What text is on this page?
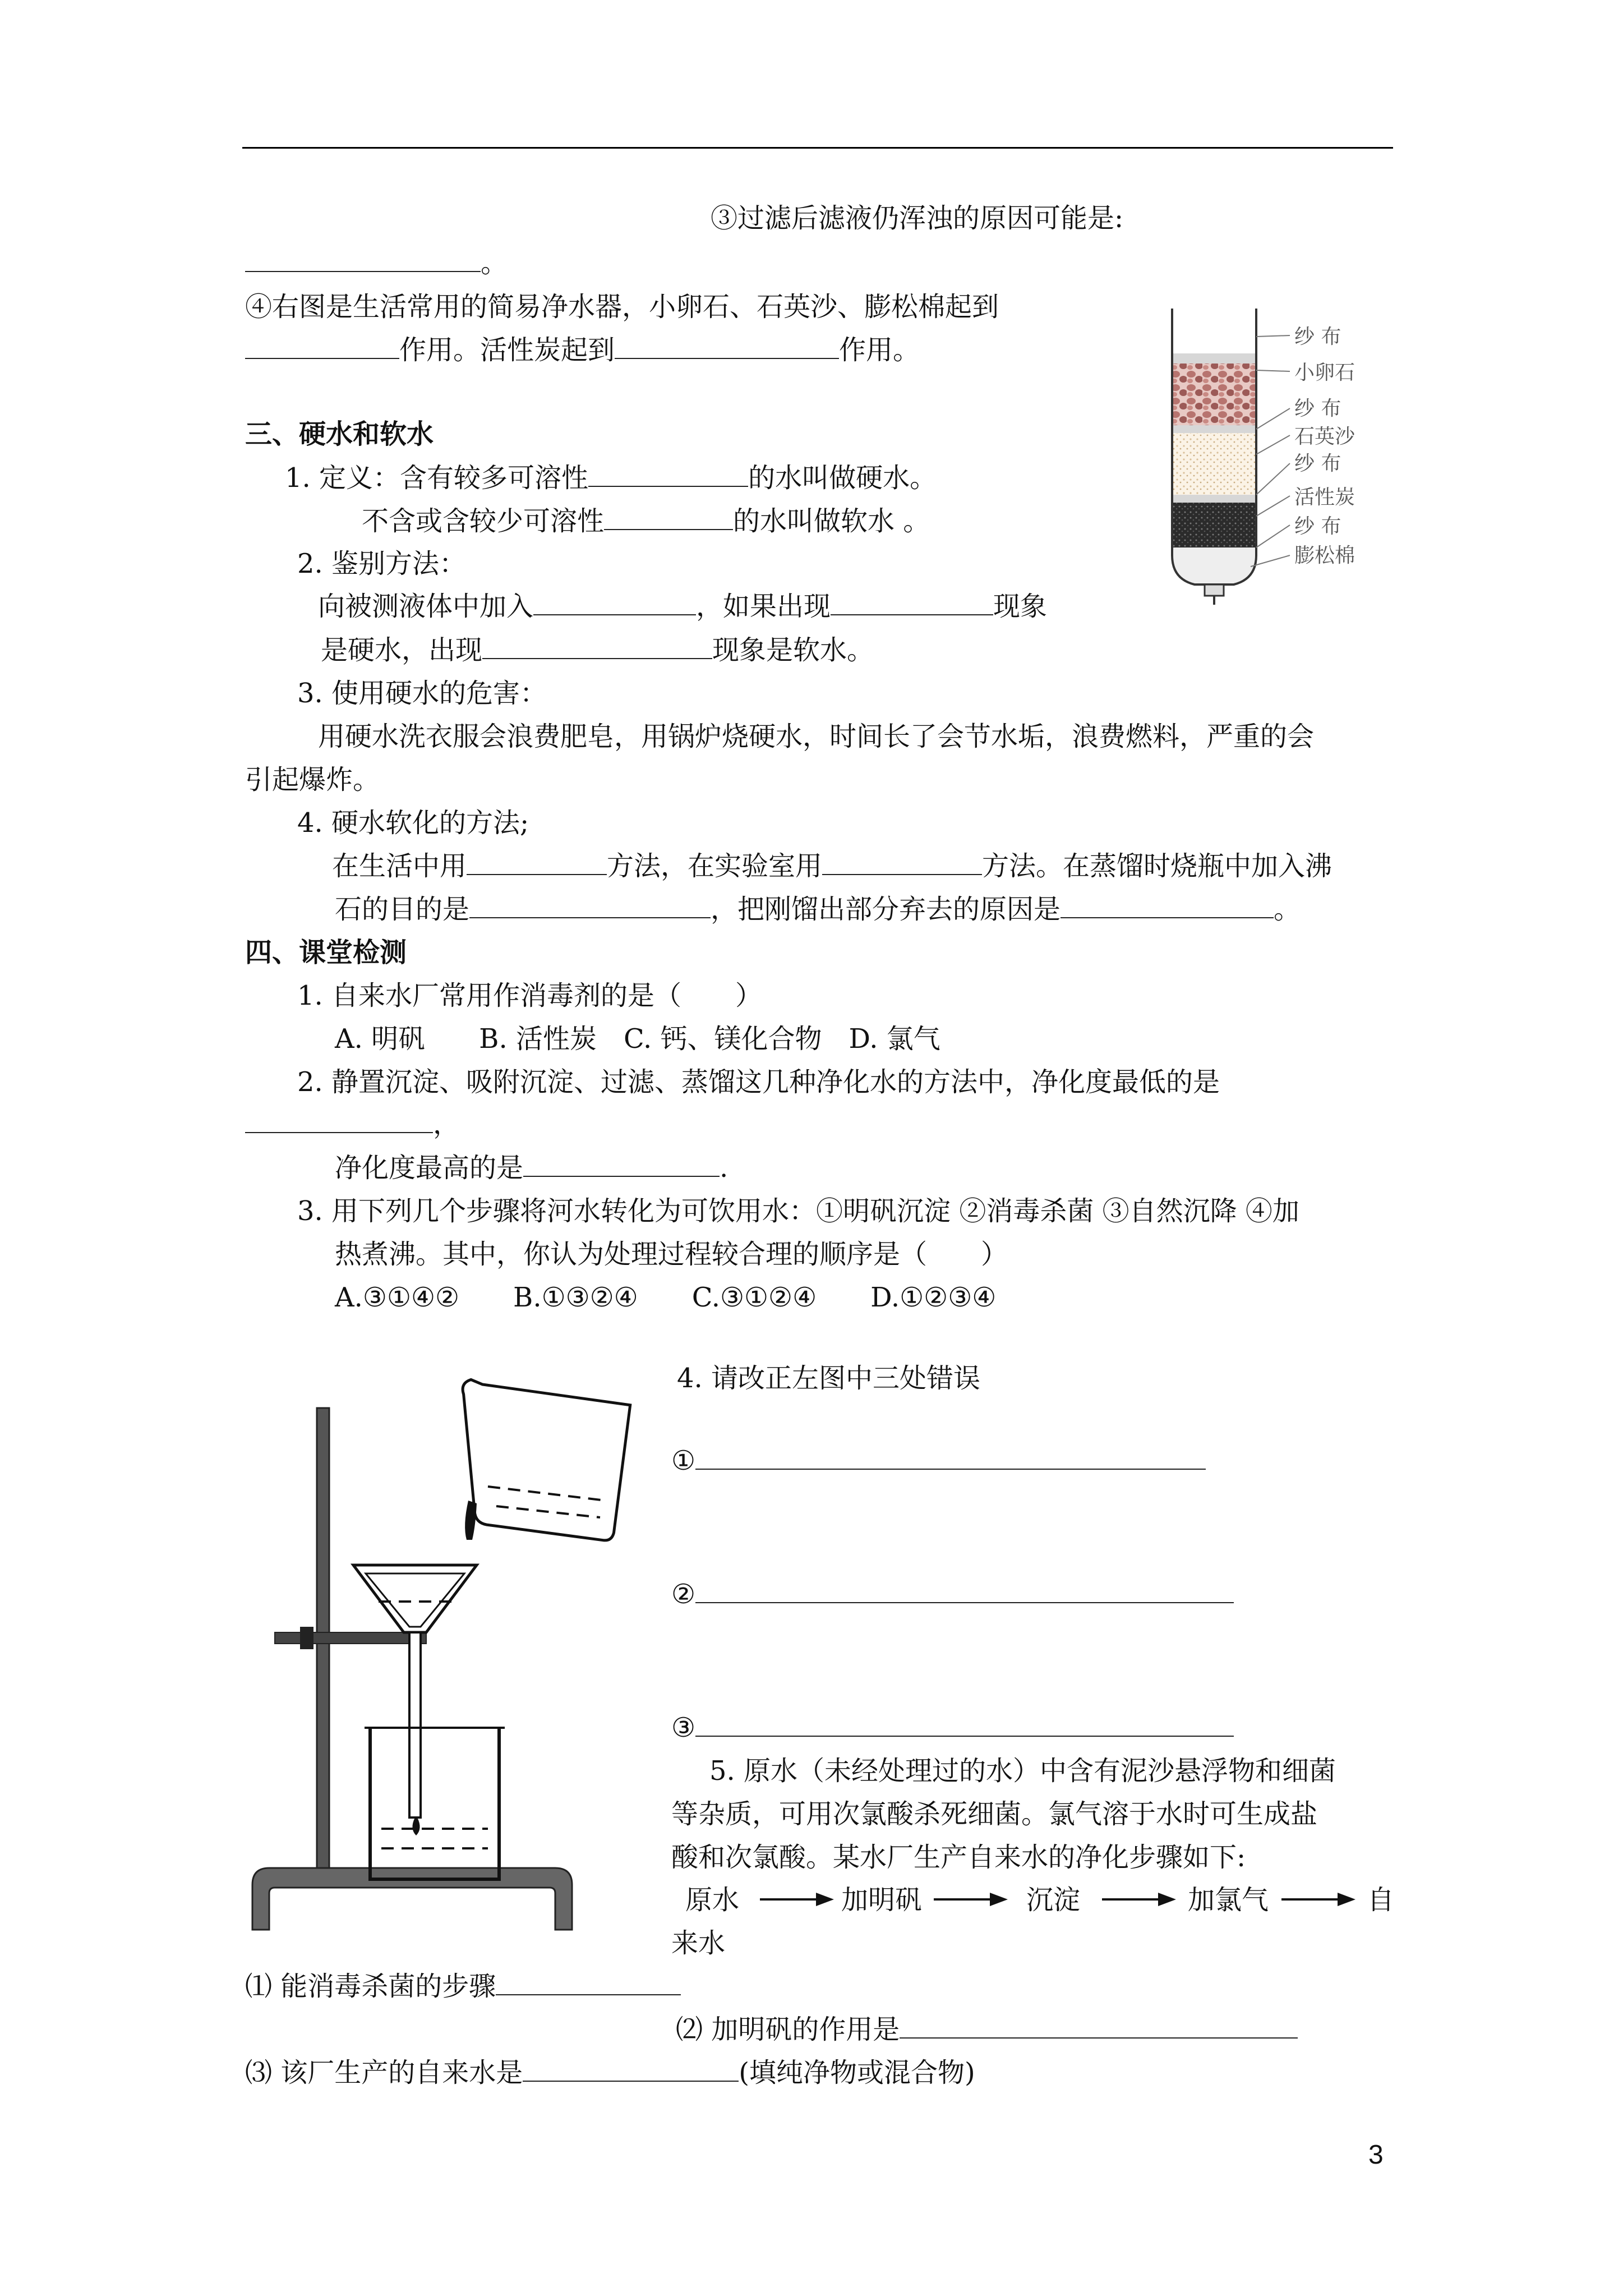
③过滤后滤液仍浑浊的原因可能是:
。
④右图是生活常用的简易净水器，小卵石、石英沙、膨松棉起到
作用。活性炭起到	作用。	纱 布
小卵石
纱 布
石英沙
纱 布
活性炭
纱 布
膨松棉
三、硬水和软水
1. 定义：含有较多可溶性	的水叫做硬水。
不含或含较少可溶性	的水叫做软水 。
2. 鉴别方法：
向被测液体中加入	，如果出现	现象
是硬水，出现	现象是软水。
3. 使用硬水的危害：
用硬水洗衣服会浪费肥皂，用锅炉烧硬水，时间长了会节水垢，浪费燃料，严重的会
引起爆炸。
4. 硬水软化的方法;
在生活中用	方法，在实验室用	方法。在蒸馏时烧瓶中加入沸
石的目的是	，把刚馏出部分弃去的原因是	。
四、课堂检测
1. 自来水厂常用作消毒剂的是（　　）
A. 明矾　　B. 活性炭　C. 钙、镁化合物　D. 氯气
2. 静置沉淀、吸附沉淀、过滤、蒸馏这几种净化水的方法中，净化度最低的是
，
净化度最高的是	.
3. 用下列几个步骤将河水转化为可饮用水：①明矾沉淀 ②消毒杀菌 ③自然沉降 ④加
热煮沸。其中，你认为处理过程较合理的顺序是（　　）
A.③①④②　　B.①③②④　　C.③①②④　　D.①②③④
4. 请改正左图中三处错误
①
②
③
5. 原水（未经处理过的水）中含有泥沙悬浮物和细菌
等杂质，可用次氯酸杀死细菌。氯气溶于水时可生成盐
酸和次氯酸。某水厂生产自来水的净化步骤如下:
原水	加明矾	沉淀	加氯气	自
来水
⑴ 能消毒杀菌的步骤
⑵ 加明矾的作用是
⑶ 该厂生产的自来水是	(填纯净物或混合物)
3
